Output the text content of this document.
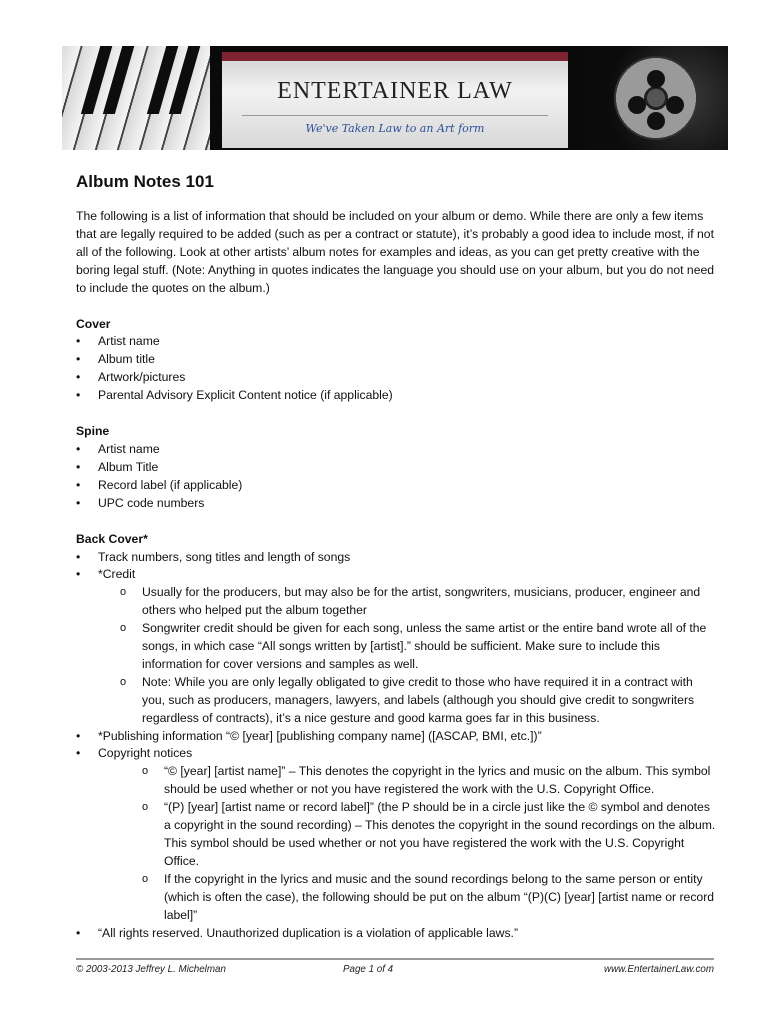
ENTERTAINER LAW
We've Taken Law to an Art form
Album Notes 101

The following is a list of information that should be included on your album or demo. While there are only a few items that are legally required to be added (such as per a contract or statute), it’s probably a good idea to include most, if not all of the following. Look at other artists’ album notes for examples and ideas, as you can get pretty creative with the boring legal stuff. (Note: Anything in quotes indicates the language you should use on your album, but you do not need to include the quotes on the album.)

Cover
• Artist name
• Album title
• Artwork/pictures
• Parental Advisory Explicit Content notice (if applicable)
Spine
• Artist name
• Album Title
• Record label (if applicable)
• UPC code numbers
Back Cover*
• Track numbers, song titles and length of songs
• *Credit
o Usually for the producers, but may also be for the artist, songwriters, musicians, producer, engineer and others who helped put the album together
o Songwriter credit should be given for each song, unless the same artist or the entire band wrote all of the songs, in which case “All songs written by [artist].” should be sufficient. Make sure to include this information for cover versions and samples as well.
o Note: While you are only legally obligated to give credit to those who have required it in a contract with you, such as producers, managers, lawyers, and labels (although you should give credit to songwriters regardless of contracts), it’s a nice gesture and good karma goes far in this business.
• *Publishing information “© [year] [publishing company name] ([ASCAP, BMI, etc.])”
• Copyright notices
o “© [year] [artist name]” – This denotes the copyright in the lyrics and music on the album. This symbol should be used whether or not you have registered the work with the U.S. Copyright Office.
o “(P) [year] [artist name or record label]” (the P should be in a circle just like the © symbol and denotes a copyright in the sound recording) – This denotes the copyright in the sound recordings on the album. This symbol should be used whether or not you have registered the work with the U.S. Copyright Office.
o If the copyright in the lyrics and music and the sound recordings belong to the same person or entity (which is often the case), the following should be put on the album “(P)(C) [year] [artist name or record label]”
• “All rights reserved. Unauthorized duplication is a violation of applicable laws.”
© 2003-2013 Jeffrey L. Michelman	Page 1 of 4	www.EntertainerLaw.com
